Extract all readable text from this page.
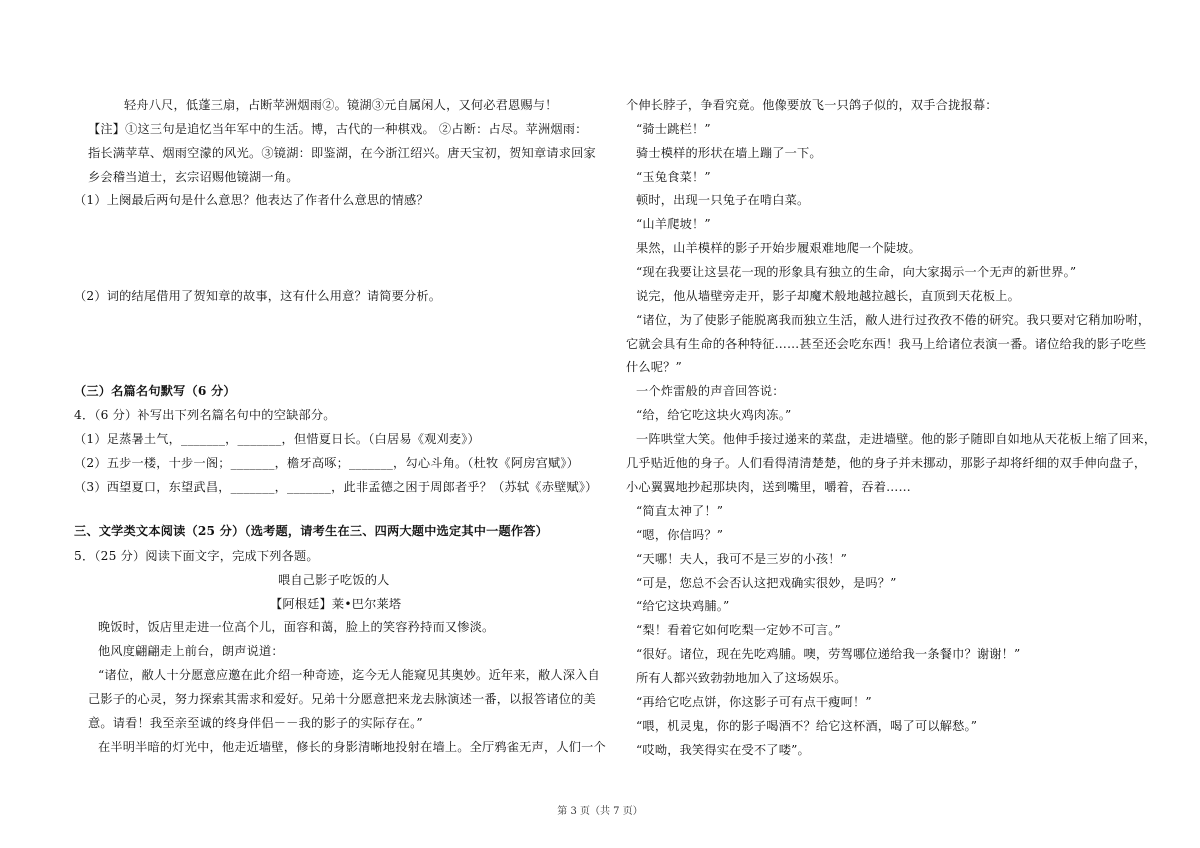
轻舟八尺，低蓬三扇，占断苹洲烟雨②。镜湖③元自属闲人，又何必君恩赐与！
【注】①这三句是追忆当年军中的生活。博，古代的一种棋戏。 ②占断：占尽。苹洲烟雨：
指长满苹草、烟雨空濛的风光。③镜湖：即鉴湖，在今浙江绍兴。唐天宝初，贺知章请求回家
乡会稽当道士，玄宗诏赐他镜湖一角。
（1）上阕最后两句是什么意思？他表达了作者什么意思的情感？
（2）词的结尾借用了贺知章的故事，这有什么用意？请简要分析。
（三）名篇名句默写（6 分）
4．（6 分）补写出下列名篇名句中的空缺部分。
（1）足蒸暑土气，_______，_______，但惜夏日长。（白居易《观刈麦》）
（2）五步一楼，十步一阁；_______，檐牙高啄；_______，勾心斗角。（杜牧《阿房宫赋》）
（3）西望夏口，东望武昌，_______，_______，此非孟德之困于周郎者乎？（苏轼《赤壁赋》）
三、文学类文本阅读（25 分）（选考题，请考生在三、四两大题中选定其中一题作答）
5．（25 分）阅读下面文字，完成下列各题。
喂自己影子吃饭的人
【阿根廷】莱•巴尔莱塔
晚饭时，饭店里走进一位高个儿，面容和蔼，脸上的笑容矜持而又惨淡。
他风度翩翩走上前台，朗声说道：
“诸位，敝人十分愿意应邀在此介绍一种奇迹，迄今无人能窥见其奥妙。近年来，敝人深入自
己影子的心灵，努力探索其需求和爱好。兄弟十分愿意把来龙去脉演述一番，以报答诸位的美
意。请看！我至亲至诚的终身伴侣－－我的影子的实际存在。”
在半明半暗的灯光中，他走近墙壁，修长的身影清晰地投射在墙上。全厅鸦雀无声，人们一个
个伸长脖子，争看究竟。他像要放飞一只鸽子似的，双手合拢报幕：
“骑士跳栏！”
骑士模样的形状在墙上蹦了一下。
“玉兔食菜！”
顿时，出现一只兔子在啃白菜。
“山羊爬坡！”
果然，山羊模样的影子开始步履艰难地爬一个陡坡。
“现在我要让这昙花一现的形象具有独立的生命，向大家揭示一个无声的新世界。”
说完，他从墙壁旁走开，影子却魔术般地越拉越长，直顶到天花板上。
“诸位，为了使影子能脱离我而独立生活，敝人进行过孜孜不倦的研究。我只要对它稍加吩咐，
它就会具有生命的各种特征……甚至还会吃东西！我马上给诸位表演一番。诸位给我的影子吃些
什么呢？”
一个炸雷般的声音回答说：
“给，给它吃这块火鸡肉冻。”
一阵哄堂大笑。他伸手接过递来的菜盘，走进墙壁。他的影子随即自如地从天花板上缩了回来，
几乎贴近他的身子。人们看得清清楚楚，他的身子并未挪动，那影子却将纤细的双手伸向盘子，
小心翼翼地抄起那块肉，送到嘴里，嚼着，吞着……
“简直太神了！”
“嗯，你信吗？”
“天哪！夫人，我可不是三岁的小孩！”
“可是，您总不会否认这把戏确实很妙，是吗？”
“给它这块鸡脯。”
“梨！看着它如何吃梨一定妙不可言。”
“很好。诸位，现在先吃鸡脯。噢，劳驾哪位递给我一条餐巾？谢谢！”
所有人都兴致勃勃地加入了这场娱乐。
“再给它吃点饼，你这影子可有点干瘦呵！”
“喂，机灵鬼，你的影子喝酒不？给它这杯酒，喝了可以解愁。”
“哎呦，我笑得实在受不了喽”。
第 3 页（共 7 页）
